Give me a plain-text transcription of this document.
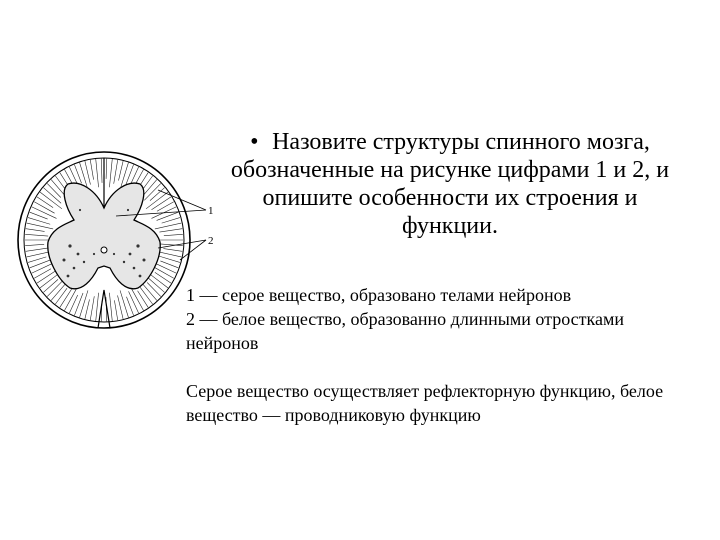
1
2
• Назовите структуры спинного мозга, обозначенные на рисунке цифрами 1 и 2, и опишите особенности их строения и функции.

1 — серое вещество, образовано телами нейронов

2 — белое вещество, образованно длинными отростками нейронов

Серое вещество осуществляет рефлекторную функцию, белое вещество — проводниковую функцию
